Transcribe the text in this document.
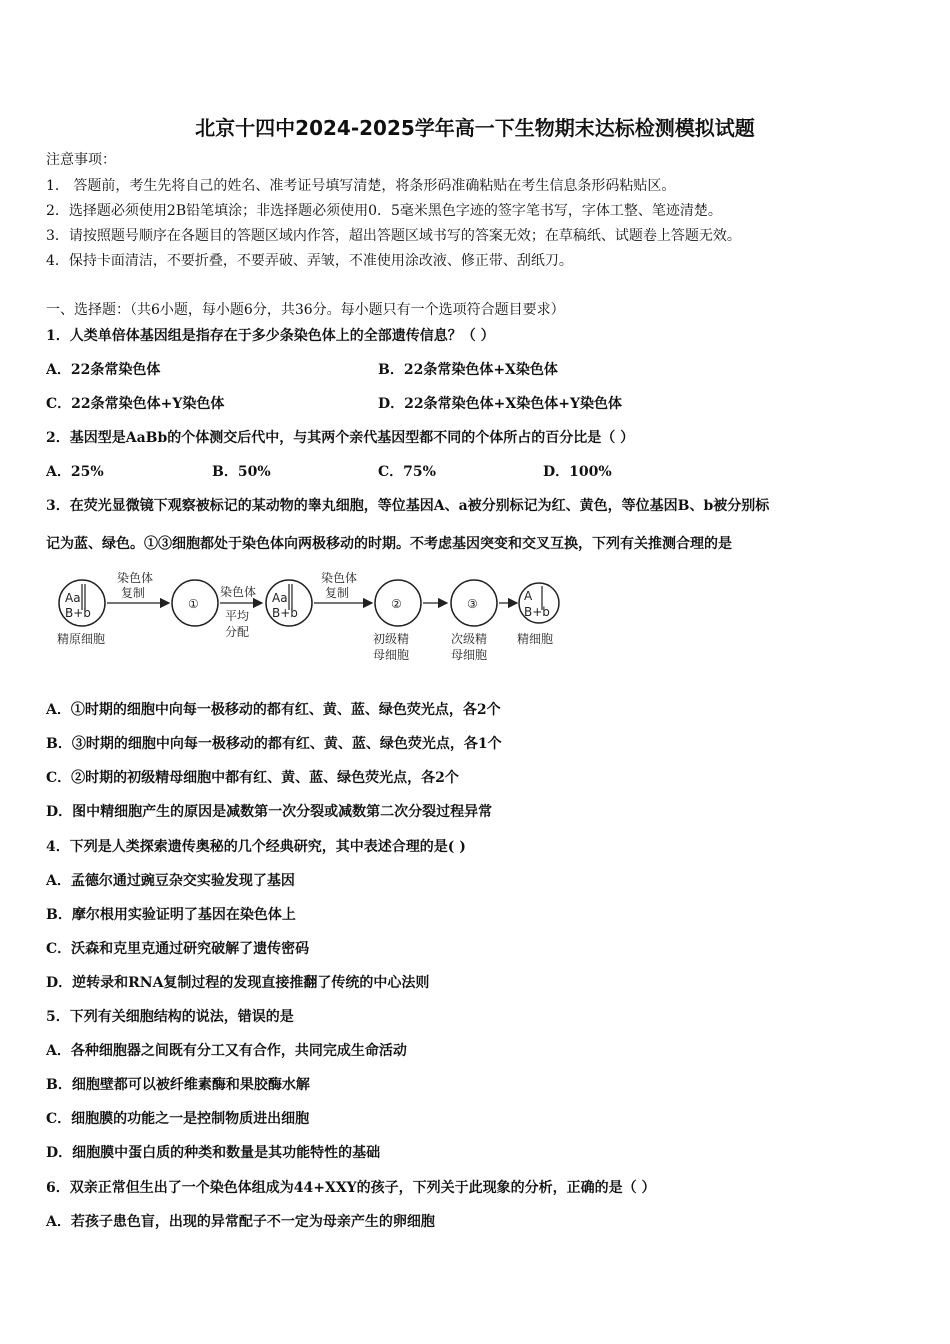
北京十四中2024-2025学年高一下生物期末达标检测模拟试题
注意事项：
1． 答题前，考生先将自己的姓名、准考证号填写清楚，将条形码准确粘贴在考生信息条形码粘贴区。
2．选择题必须使用2B铅笔填涂；非选择题必须使用0．5毫米黑色字迹的签字笔书写，字体工整、笔迹清楚。
3．请按照题号顺序在各题目的答题区域内作答，超出答题区域书写的答案无效；在草稿纸、试题卷上答题无效。
4．保持卡面清洁，不要折叠，不要弄破、弄皱，不准使用涂改液、修正带、刮纸刀。
一、选择题：（共6小题，每小题6分，共36分。每小题只有一个选项符合题目要求）
1．人类单倍体基因组是指存在于多少条染色体上的全部遗传信息？（ ）
A．22条常染色体	B．22条常染色体+X染色体
C．22条常染色体+Y染色体	D．22条常染色体+X染色体+Y染色体
2．基因型是AaBb的个体测交后代中，与其两个亲代基因型都不同的个体所占的百分比是（ ）
A．25%	B．50%	C．75%	D．100%
3．在荧光显微镜下观察被标记的某动物的睾丸细胞，等位基因A、a被分别标记为红、黄色，等位基因B、b被分别标
记为蓝、绿色。①③细胞都处于染色体向两极移动的时期。不考虑基因突变和交叉互换，下列有关推测合理的是
Aa
B+b
精原细胞
染色体
复制
①
染色体
平均
分配
Aa
B+b
染色体
复制
②
初级精
母细胞
③
次级精
母细胞
A
B+b
精细胞
A．①时期的细胞中向每一极移动的都有红、黄、蓝、绿色荧光点，各2个
B．③时期的细胞中向每一极移动的都有红、黄、蓝、绿色荧光点，各1个
C．②时期的初级精母细胞中都有红、黄、蓝、绿色荧光点，各2个
D．图中精细胞产生的原因是减数第一次分裂或减数第二次分裂过程异常
4．下列是人类探索遗传奥秘的几个经典研究，其中表述合理的是( )
A．孟德尔通过豌豆杂交实验发现了基因
B．摩尔根用实验证明了基因在染色体上
C．沃森和克里克通过研究破解了遗传密码
D．逆转录和RNA复制过程的发现直接推翻了传统的中心法则
5．下列有关细胞结构的说法，错误的是
A．各种细胞器之间既有分工又有合作，共同完成生命活动
B．细胞壁都可以被纤维素酶和果胶酶水解
C．细胞膜的功能之一是控制物质进出细胞
D．细胞膜中蛋白质的种类和数量是其功能特性的基础
6．双亲正常但生出了一个染色体组成为44+XXY的孩子，下列关于此现象的分析，正确的是（ ）
A．若孩子患色盲，出现的异常配子不一定为母亲产生的卵细胞
